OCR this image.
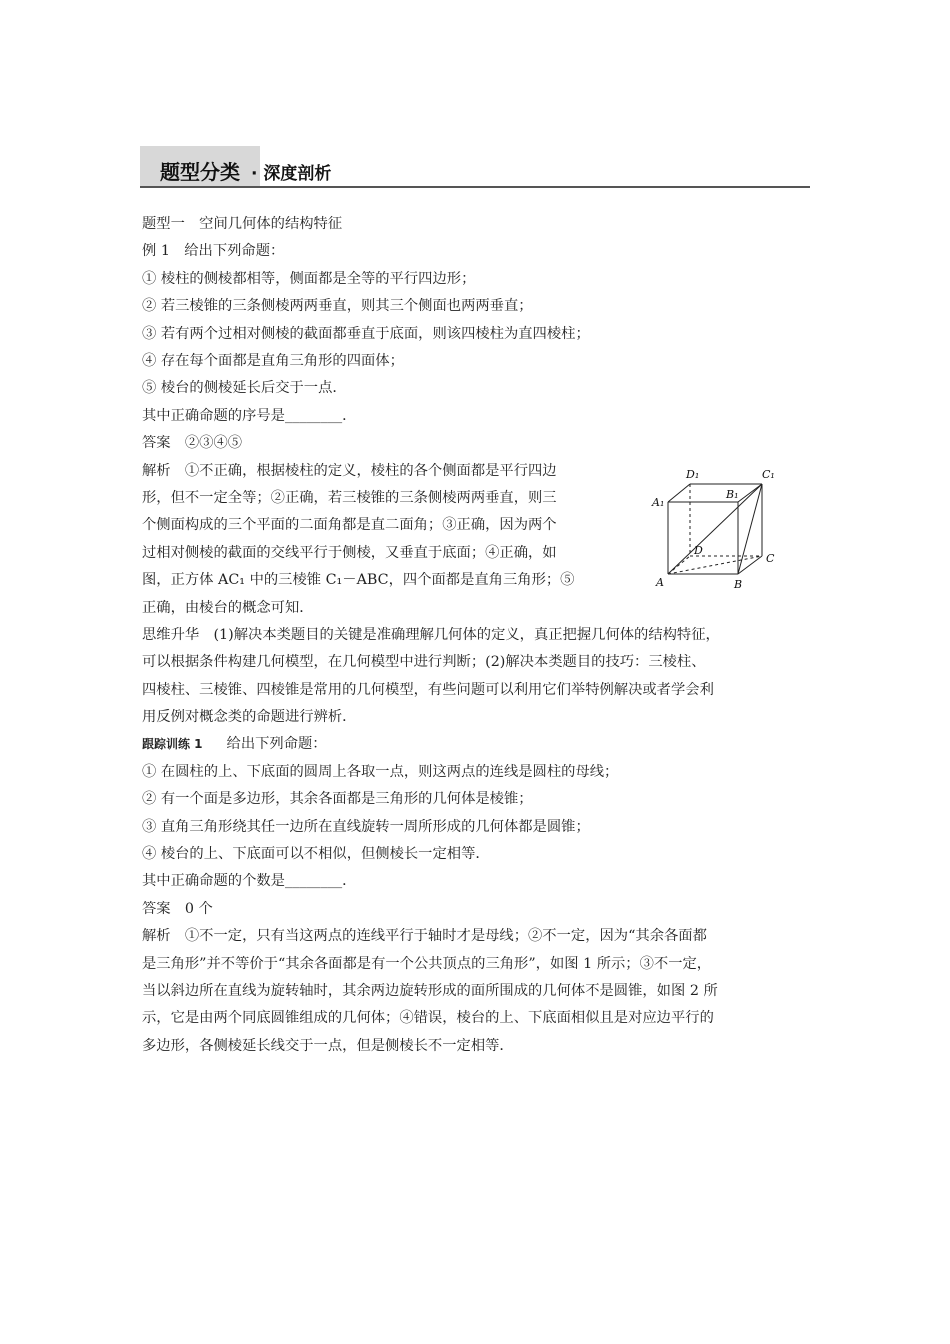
题型分类 · 深度剖析
题型一　空间几何体的结构特征
例 1　给出下列命题：
① 棱柱的侧棱都相等，侧面都是全等的平行四边形；
② 若三棱锥的三条侧棱两两垂直，则其三个侧面也两两垂直；
③ 若有两个过相对侧棱的截面都垂直于底面，则该四棱柱为直四棱柱；
④ 存在每个面都是直角三角形的四面体；
⑤ 棱台的侧棱延长后交于一点．
其中正确命题的序号是________．
答案　②③④⑤
解析　①不正确，根据棱柱的定义，棱柱的各个侧面都是平行四边
形，但不一定全等；②正确，若三棱锥的三条侧棱两两垂直，则三
个侧面构成的三个平面的二面角都是直二面角；③正确，因为两个
过相对侧棱的截面的交线平行于侧棱，又垂直于底面；④正确，如
图，正方体 AC₁ 中的三棱锥 C₁－ABC，四个面都是直角三角形；⑤
A₁
D₁
B₁
C₁
A	B
C
D
正确，由棱台的概念可知．
思维升华　(1)解决本类题目的关键是准确理解几何体的定义，真正把握几何体的结构特征，
可以根据条件构建几何模型，在几何模型中进行判断；(2)解决本类题目的技巧：三棱柱、
四棱柱、三棱锥、四棱锥是常用的几何模型，有些问题可以利用它们举特例解决或者学会利
用反例对概念类的命题进行辨析．
跟踪训练 1 给出下列命题：
① 在圆柱的上、下底面的圆周上各取一点，则这两点的连线是圆柱的母线；
② 有一个面是多边形，其余各面都是三角形的几何体是棱锥；
③ 直角三角形绕其任一边所在直线旋转一周所形成的几何体都是圆锥；
④ 棱台的上、下底面可以不相似，但侧棱长一定相等．
其中正确命题的个数是________．
答案　0 个
解析　①不一定，只有当这两点的连线平行于轴时才是母线；②不一定，因为“其余各面都
是三角形”并不等价于“其余各面都是有一个公共顶点的三角形”，如图 1 所示；③不一定，
当以斜边所在直线为旋转轴时，其余两边旋转形成的面所围成的几何体不是圆锥，如图 2 所
示，它是由两个同底圆锥组成的几何体；④错误，棱台的上、下底面相似且是对应边平行的
多边形，各侧棱延长线交于一点，但是侧棱长不一定相等．
